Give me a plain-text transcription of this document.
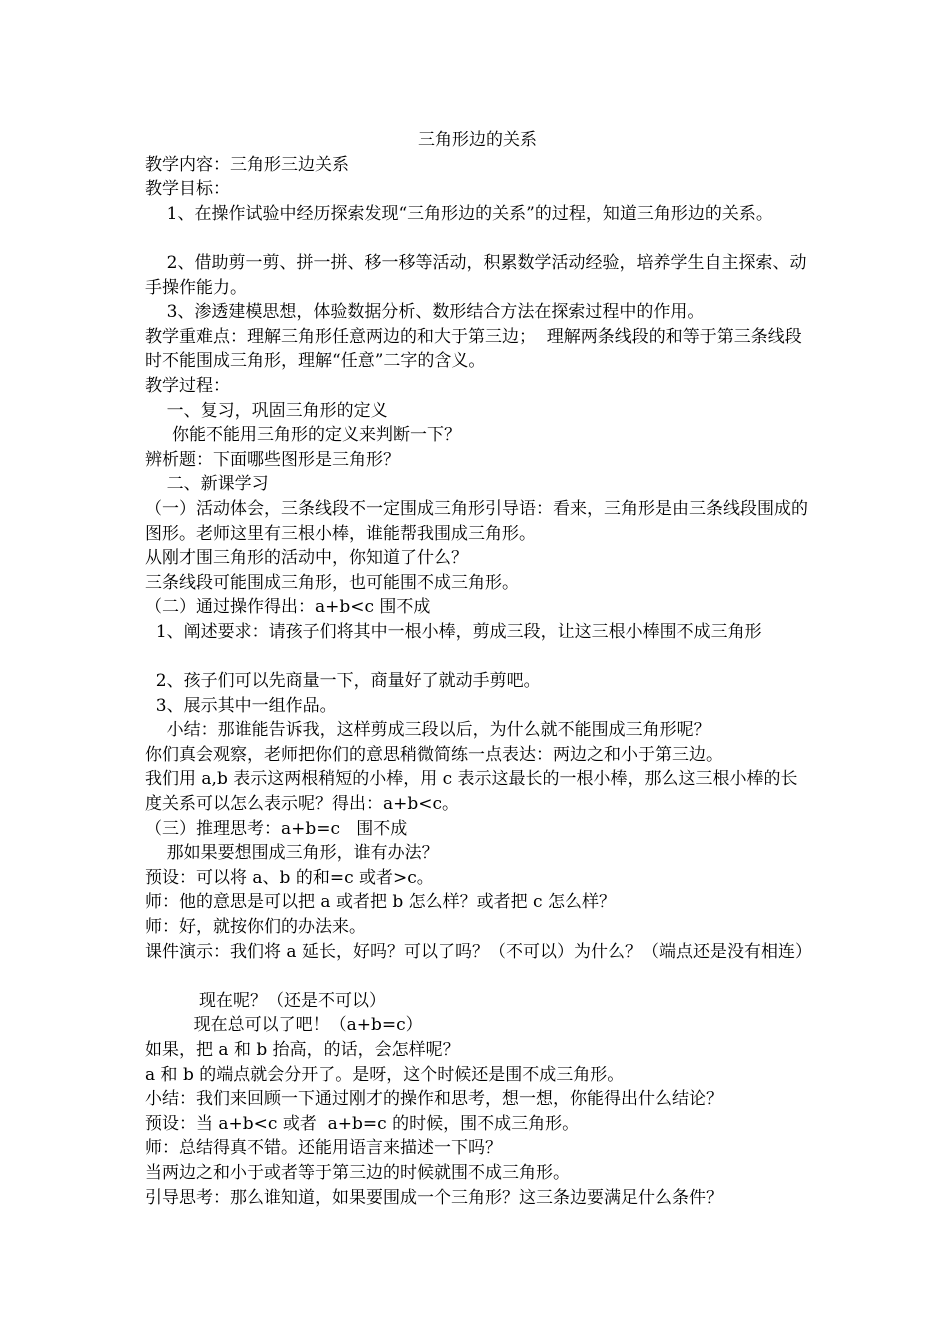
三角形边的关系
教学内容：三角形三边关系
教学目标：
1、在操作试验中经历探索发现“三角形边的关系”的过程，知道三角形边的关系。
2、借助剪一剪、拼一拼、移一移等活动，积累数学活动经验，培养学生自主探索、动手操作能力。
3、渗透建模思想，体验数据分析、数形结合方法在探索过程中的作用。
教学重难点：理解三角形任意两边的和大于第三边；  理解两条线段的和等于第三条线段时不能围成三角形，理解“任意”二字的含义。
教学过程：
一、复习，巩固三角形的定义
你能不能用三角形的定义来判断一下？
辨析题：下面哪些图形是三角形？
二、新课学习
（一）活动体会，三条线段不一定围成三角形引导语：看来，三角形是由三条线段围成的图形。老师这里有三根小棒，谁能帮我围成三角形。
从刚才围三角形的活动中，你知道了什么？
三条线段可能围成三角形，也可能围不成三角形。
（二）通过操作得出：a+b<c 围不成
1、阐述要求：请孩子们将其中一根小棒，剪成三段，让这三根小棒围不成三角形
2、孩子们可以先商量一下，商量好了就动手剪吧。
3、展示其中一组作品。
小结：那谁能告诉我，这样剪成三段以后，为什么就不能围成三角形呢？
你们真会观察，老师把你们的意思稍微简练一点表达：两边之和小于第三边。
我们用 a,b 表示这两根稍短的小棒，用 c 表示这最长的一根小棒，那么这三根小棒的长度关系可以怎么表示呢？得出：a+b<c。
（三）推理思考：a+b=c   围不成
那如果要想围成三角形，谁有办法？
预设：可以将 a、b 的和=c 或者>c。
师：他的意思是可以把 a 或者把 b 怎么样？或者把 c 怎么样？
师：好，就按你们的办法来。
课件演示：我们将 a 延长，好吗？可以了吗？（不可以）为什么？（端点还是没有相连）
现在呢？（还是不可以）
现在总可以了吧！（a+b=c）
如果，把 a 和 b 抬高，的话，会怎样呢？
a 和 b 的端点就会分开了。是呀，这个时候还是围不成三角形。
小结：我们来回顾一下通过刚才的操作和思考，想一想，你能得出什么结论？
预设：当 a+b<c 或者  a+b=c 的时候，围不成三角形。
师：总结得真不错。还能用语言来描述一下吗？
当两边之和小于或者等于第三边的时候就围不成三角形。
引导思考：那么谁知道，如果要围成一个三角形？这三条边要满足什么条件？
